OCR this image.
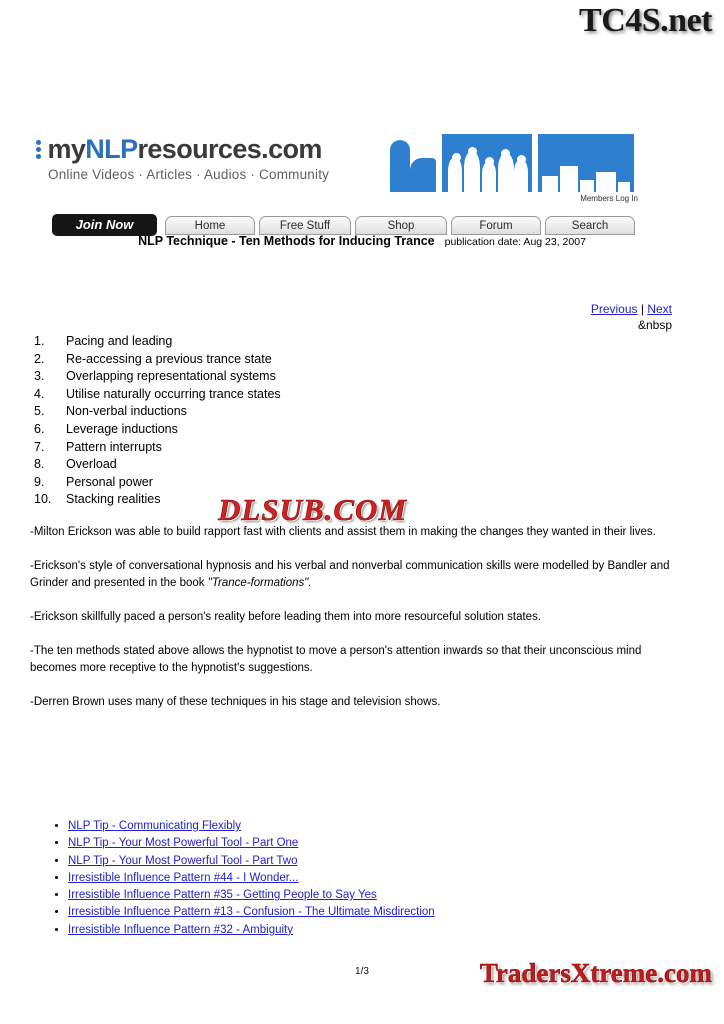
TC4S.net
myNLPresources.com
Online Videos · Articles · Audios · Community
Members Log In
Join Now	Home	Free Stuff	Shop	Forum	Search
NLP Technique - Ten Methods for Inducing Trance publication date: Aug 23, 2007
Previous | Next
&nbsp
1. Pacing and leading
2. Re-accessing a previous trance state
3. Overlapping representational systems
4. Utilise naturally occurring trance states
5. Non-verbal inductions
6. Leverage inductions
7. Pattern interrupts
8. Overload
9. Personal power
10. Stacking realities	DLSUB.COM

-Milton Erickson was able to build rapport fast with clients and assist them in making the changes they wanted in their lives.

-Erickson's style of conversational hypnosis and his verbal and nonverbal communication skills were modelled by Bandler and Grinder and presented in the book "Trance-formations".

-Erickson skillfully paced a person's reality before leading them into more resourceful solution states.

-The ten methods stated above allows the hypnotist to move a person's attention inwards so that their unconscious mind becomes more receptive to the hypnotist's suggestions.

-Derren Brown uses many of these techniques in his stage and television shows.

• NLP Tip - Communicating Flexibly
• NLP Tip - Your Most Powerful Tool - Part One
• NLP Tip - Your Most Powerful Tool - Part Two
• Irresistible Influence Pattern #44 - I Wonder...
• Irresistible Influence Pattern #35 - Getting People to Say Yes
• Irresistible Influence Pattern #13 - Confusion - The Ultimate Misdirection
• Irresistible Influence Pattern #32 - Ambiguity
1/3	TradersXtreme.com
